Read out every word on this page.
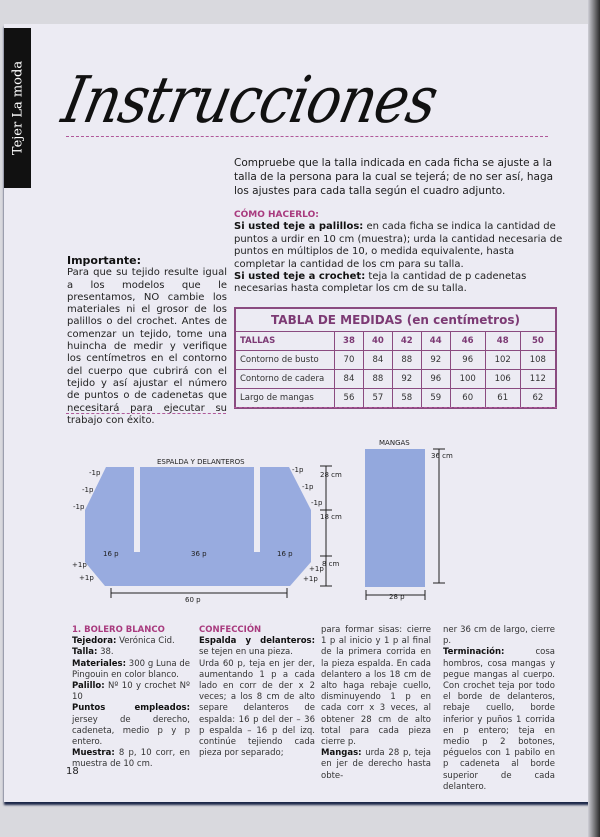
Tejer La moda Instrucciones
Compruebe que la talla indicada en cada ficha se ajuste a la talla de la persona para la cual se tejerá; de no ser así, haga los ajustes para cada talla según el cuadro adjunto.
CÓMO HACERLO:
Si usted teje a palillos: en cada ficha se indica la cantidad de puntos a urdir en 10 cm (muestra); urda la cantidad necesaria de puntos en múltiplos de 10, o medida equivalente, hasta completar la cantidad de los cm para su talla.
Si usted teje a crochet: teja la cantidad de p cadenetas necesarias hasta completar los cm de su talla.
Importante:
Para que su tejido resulte igual a los modelos que le presentamos, NO cambie los materiales ni el grosor de los palillos o del crochet. Antes de comenzar un tejido, tome una huincha de medir y verifique los centímetros en el contorno del cuerpo que cubrirá con el tejido y así ajustar el número de puntos o de cadenetas que necesitará para ejecutar su trabajo con éxito.
TABLA DE MEDIDAS (en centímetros)							
TALLAS	38	40	42	44	46	48	50
Contorno de busto	70	84	88	92	96	102	108
Contorno de cadera	84	88	92	96	100	106	112
Largo de mangas	56	57	58	59	60	61	62
ESPALDA Y DELANTEROS
-1p
-1p
-1p
+1p
+1p
-1p
-1p
-1p
+1p
+1p
16 p	36 p	16 p
60 p
28 cm
18 cm
8 cm
MANGAS
36 cm
28 p
1. BOLERO BLANCO
Tejedora: Verónica Cid.
Talla: 38.
Materiales: 300 g Luna de Pingouin en color blanco.
Palillo: Nº 10 y crochet Nº 10
Puntos empleados: jersey de derecho, cadeneta, medio p y p entero.
Muestra: 8 p, 10 corr, en muestra de 10 cm.
CONFECCIÓN
Espalda y delanteros: se tejen en una pieza.
Urda 60 p, teja en jer der, aumentando 1 p a cada lado en corr de der x 2 veces; a los 8 cm de alto separe delanteros de espalda: 16 p del der – 36 p espalda – 16 p del izq. continúe tejiendo cada pieza por separado;
para formar sisas: cierre 1 p al inicio y 1 p al final de la primera corrida en la pieza espalda. En cada delantero a los 18 cm de alto haga rebaje cuello, disminuyendo 1 p en cada corr x 3 veces, al obtener 28 cm de alto total para cada pieza cierre p.
Mangas: urda 28 p, teja en jer de derecho hasta obte-
ner 36 cm de largo, cierre p.
Terminación: cosa hombros, cosa mangas y pegue mangas al cuerpo. Con crochet teja por todo el borde de delanteros, rebaje cuello, borde inferior y puños 1 corrida en p entero; teja en medio p 2 botones, péguelos con 1 pabilo en p cadeneta al borde superior de cada delantero.
18
